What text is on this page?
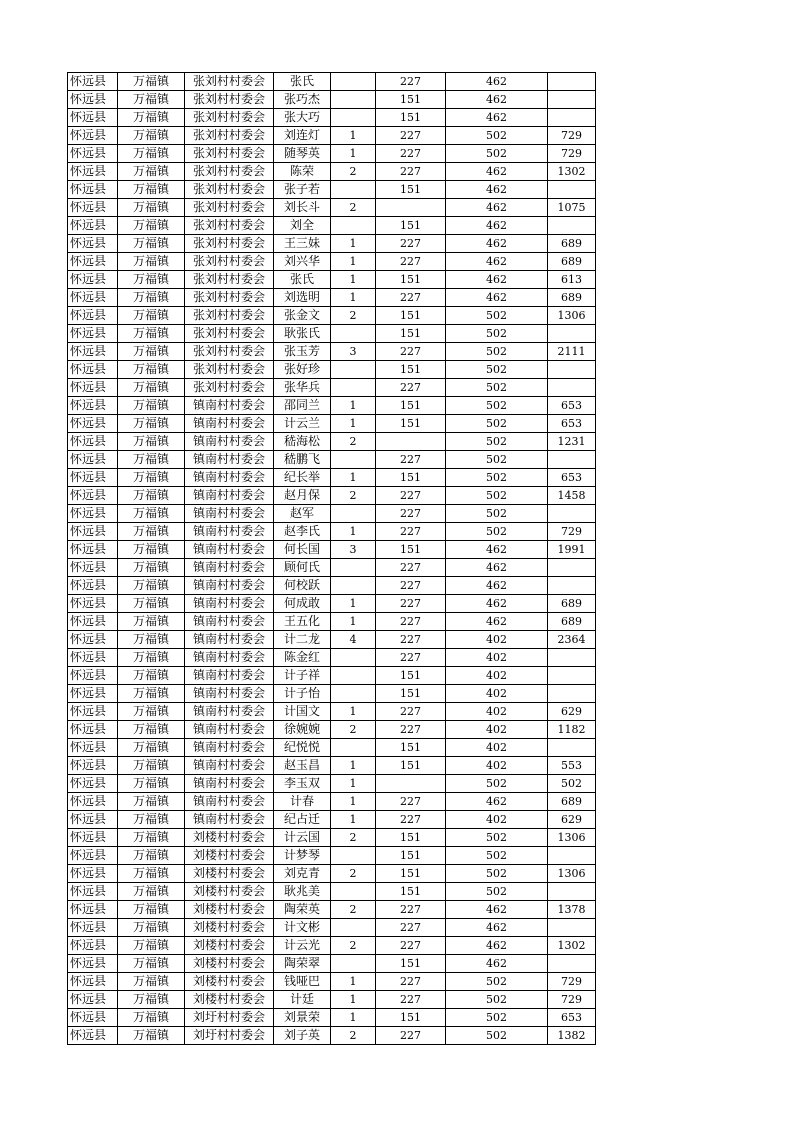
怀远县	万福镇	张刘村村委会	张氏		227	462	
怀远县	万福镇	张刘村村委会	张巧杰		151	462	
怀远县	万福镇	张刘村村委会	张大巧		151	462	
怀远县	万福镇	张刘村村委会	刘连灯	1	227	502	729
怀远县	万福镇	张刘村村委会	随琴英	1	227	502	729
怀远县	万福镇	张刘村村委会	陈荣	2	227	462	1302
怀远县	万福镇	张刘村村委会	张子若		151	462	
怀远县	万福镇	张刘村村委会	刘长斗	2		462	1075
怀远县	万福镇	张刘村村委会	刘全		151	462	
怀远县	万福镇	张刘村村委会	王三妹	1	227	462	689
怀远县	万福镇	张刘村村委会	刘兴华	1	227	462	689
怀远县	万福镇	张刘村村委会	张氏	1	151	462	613
怀远县	万福镇	张刘村村委会	刘选明	1	227	462	689
怀远县	万福镇	张刘村村委会	张金文	2	151	502	1306
怀远县	万福镇	张刘村村委会	耿张氏		151	502	
怀远县	万福镇	张刘村村委会	张玉芳	3	227	502	2111
怀远县	万福镇	张刘村村委会	张好珍		151	502	
怀远县	万福镇	张刘村村委会	张华兵		227	502	
怀远县	万福镇	镇南村村委会	邵同兰	1	151	502	653
怀远县	万福镇	镇南村村委会	计云兰	1	151	502	653
怀远县	万福镇	镇南村村委会	嵇海松	2		502	1231
怀远县	万福镇	镇南村村委会	嵇鹏飞		227	502	
怀远县	万福镇	镇南村村委会	纪长举	1	151	502	653
怀远县	万福镇	镇南村村委会	赵月保	2	227	502	1458
怀远县	万福镇	镇南村村委会	赵军		227	502	
怀远县	万福镇	镇南村村委会	赵李氏	1	227	502	729
怀远县	万福镇	镇南村村委会	何长国	3	151	462	1991
怀远县	万福镇	镇南村村委会	顾何氏		227	462	
怀远县	万福镇	镇南村村委会	何校跃		227	462	
怀远县	万福镇	镇南村村委会	何成敢	1	227	462	689
怀远县	万福镇	镇南村村委会	王五化	1	227	462	689
怀远县	万福镇	镇南村村委会	计二龙	4	227	402	2364
怀远县	万福镇	镇南村村委会	陈金红		227	402	
怀远县	万福镇	镇南村村委会	计子祥		151	402	
怀远县	万福镇	镇南村村委会	计子怡		151	402	
怀远县	万福镇	镇南村村委会	计国文	1	227	402	629
怀远县	万福镇	镇南村村委会	徐婉婉	2	227	402	1182
怀远县	万福镇	镇南村村委会	纪悦悦		151	402	
怀远县	万福镇	镇南村村委会	赵玉昌	1	151	402	553
怀远县	万福镇	镇南村村委会	李玉双	1		502	502
怀远县	万福镇	镇南村村委会	计春	1	227	462	689
怀远县	万福镇	镇南村村委会	纪占迁	1	227	402	629
怀远县	万福镇	刘楼村村委会	计云国	2	151	502	1306
怀远县	万福镇	刘楼村村委会	计梦琴		151	502	
怀远县	万福镇	刘楼村村委会	刘克青	2	151	502	1306
怀远县	万福镇	刘楼村村委会	耿兆美		151	502	
怀远县	万福镇	刘楼村村委会	陶荣英	2	227	462	1378
怀远县	万福镇	刘楼村村委会	计文彬		227	462	
怀远县	万福镇	刘楼村村委会	计云光	2	227	462	1302
怀远县	万福镇	刘楼村村委会	陶荣翠		151	462	
怀远县	万福镇	刘楼村村委会	钱哑巴	1	227	502	729
怀远县	万福镇	刘楼村村委会	计廷	1	227	502	729
怀远县	万福镇	刘圩村村委会	刘景荣	1	151	502	653
怀远县	万福镇	刘圩村村委会	刘子英	2	227	502	1382
